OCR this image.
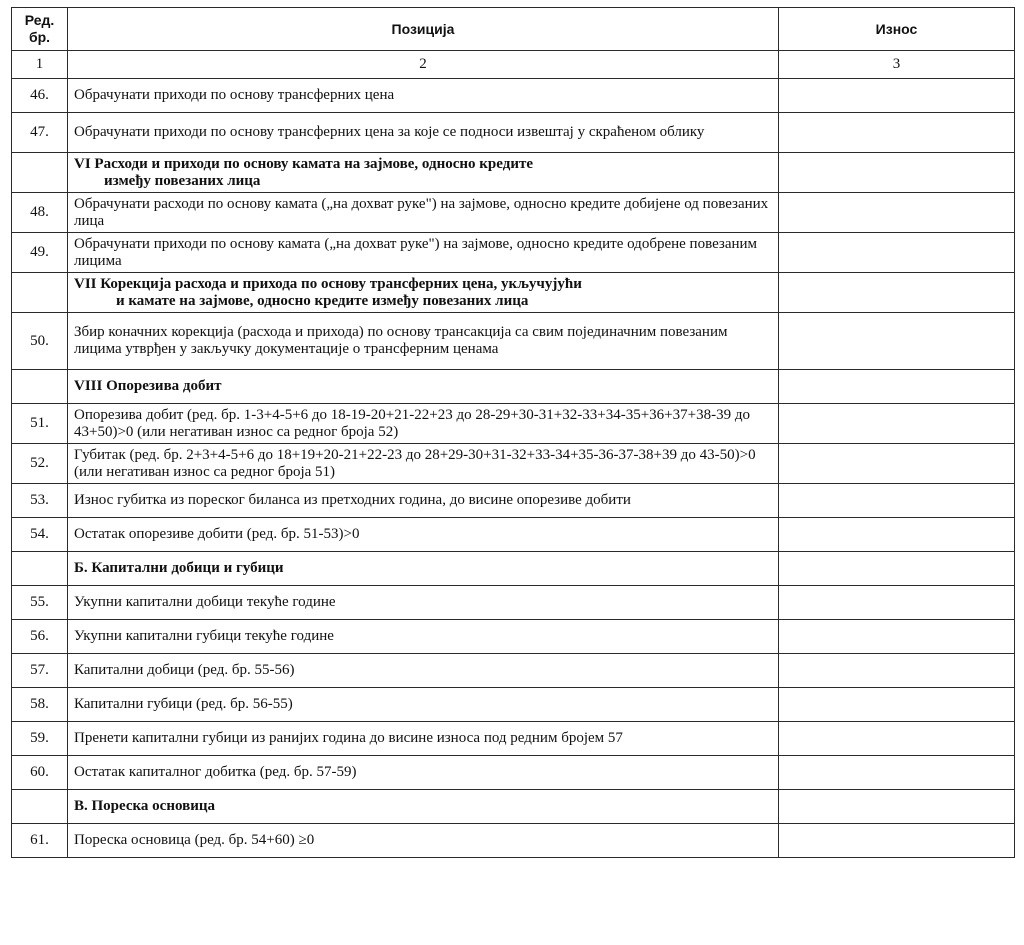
Ред.
бр.	Позиција	Износ
1	2	3
46.	Обрачунати приходи по основу трансферних цена	
47.	Обрачунати приходи по основу трансферних цена за које се подноси извештај у скраћеном облику	
	VI Расходи и приходи по основу камата на зајмове, односно кредите
између повезаних лица	

48.	Обрачунати расходи по основу камата („на дохват руке") на зајмове, односно кредите добијене од повезаних лица	
49.	Обрачунати приходи по основу камата („на дохват руке") на зајмове, односно кредите одобрене повезаним лицима	
	VII Корекција расхода и прихода по основу трансферних цена, укључујући
и камате на зајмове, односно кредите између повезаних лица	

50.	Збир коначних корекција (расхода и прихода) по основу трансакција са свим појединачним повезаним лицима утврђен у закључку документације о трансферним ценама	
	VIII Опорезива добит	
51.	Опорезива добит (ред. бр. 1-3+4-5+6 до 18-19-20+21-22+23 до 28-29+30-31+32-33+34-35+36+37+38-39 до 43+50)>0 (или негативан износ са редног броја 52)	
52.	Губитак (ред. бр. 2+3+4-5+6 до 18+19+20-21+22-23 до 28+29-30+31-32+33-34+35-36-37-38+39 до 43-50)>0 (или негативан износ са редног броја 51)	
53.	Износ губитка из пореског биланса из претходних година, до висине опорезиве добити	
54.	Остатак опорезиве добити (ред. бр. 51-53)>0	
	Б. Капитални добици и губици	
55.	Укупни капитални добици текуће године	
56.	Укупни капитални губици текуће године	
57.	Капитални добици (ред. бр. 55-56)	
58.	Капитални губици (ред. бр. 56-55)	
59.	Пренети капитални губици из ранијих година до висине износа под редним бројем 57	
60.	Остатак капиталног добитка (ред. бр. 57-59)	
	В. Пореска основица	
61.	Пореска основица (ред. бр. 54+60) ≥0	
